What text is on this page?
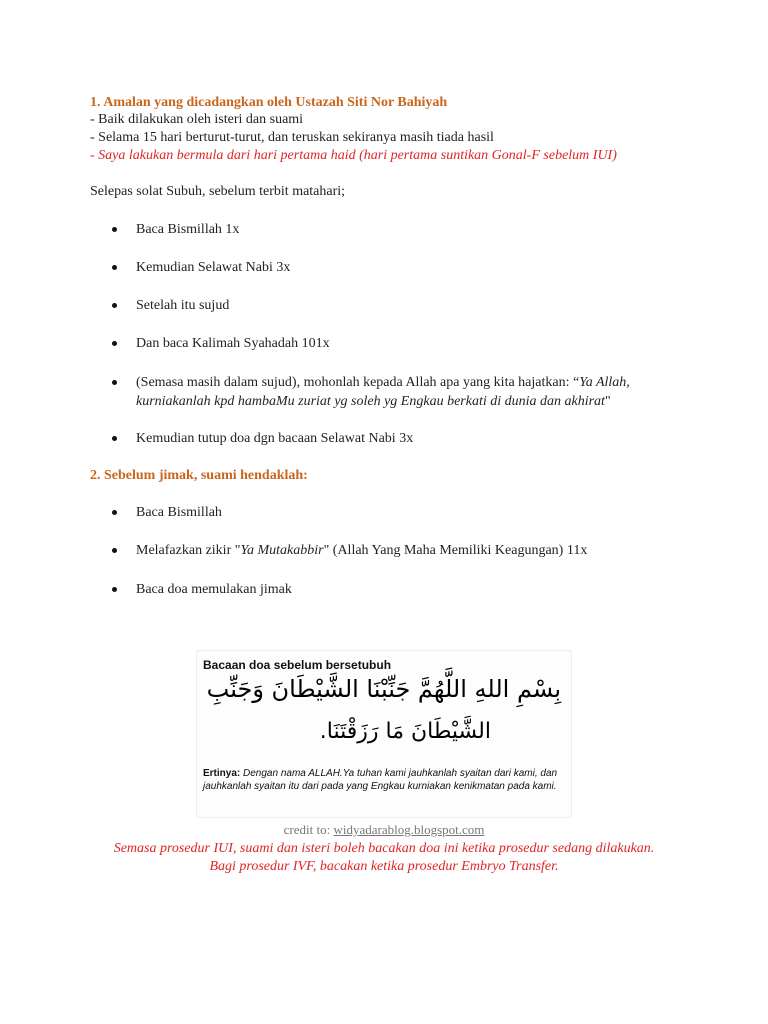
1. Amalan yang dicadangkan oleh Ustazah Siti Nor Bahiyah
- Baik dilakukan oleh isteri dan suami
- Selama 15 hari berturut-turut, dan teruskan sekiranya masih tiada hasil
- Saya lakukan bermula dari hari pertama haid (hari pertama suntikan Gonal-F sebelum IUI)
Selepas solat Subuh, sebelum terbit matahari;
Baca Bismillah 1x
Kemudian Selawat Nabi 3x
Setelah itu sujud
Dan baca Kalimah Syahadah 101x
(Semasa masih dalam sujud), mohonlah kepada Allah apa yang kita hajatkan: “Ya Allah,
kurniakanlah kpd hambaMu zuriat yg soleh yg Engkau berkati di dunia dan akhirat"
Kemudian tutup doa dgn bacaan Selawat Nabi 3x
2. Sebelum jimak, suami hendaklah:
Baca Bismillah
Melafazkan zikir "Ya Mutakabbir" (Allah Yang Maha Memiliki Keagungan) 11x
Baca doa memulakan jimak
Bacaan doa sebelum bersetubuh
بِسْمِ اللهِ اللَّهُمَّ جَنِّبْنَا الشَّيْطَانَ وَجَنِّبِ
الشَّيْطَانَ مَا رَزَقْتَنَا.
Ertinya: Dengan nama ALLAH.Ya tuhan kami jauhkanlah syaitan dari kami, dan jauhkanlah syaitan itu dari pada yang Engkau kurniakan kenikmatan pada kami.
credit to: widyadarablog.blogspot.com
Semasa prosedur IUI, suami dan isteri boleh bacakan doa ini ketika prosedur sedang dilakukan.
Bagi prosedur IVF, bacakan ketika prosedur Embryo Transfer.
